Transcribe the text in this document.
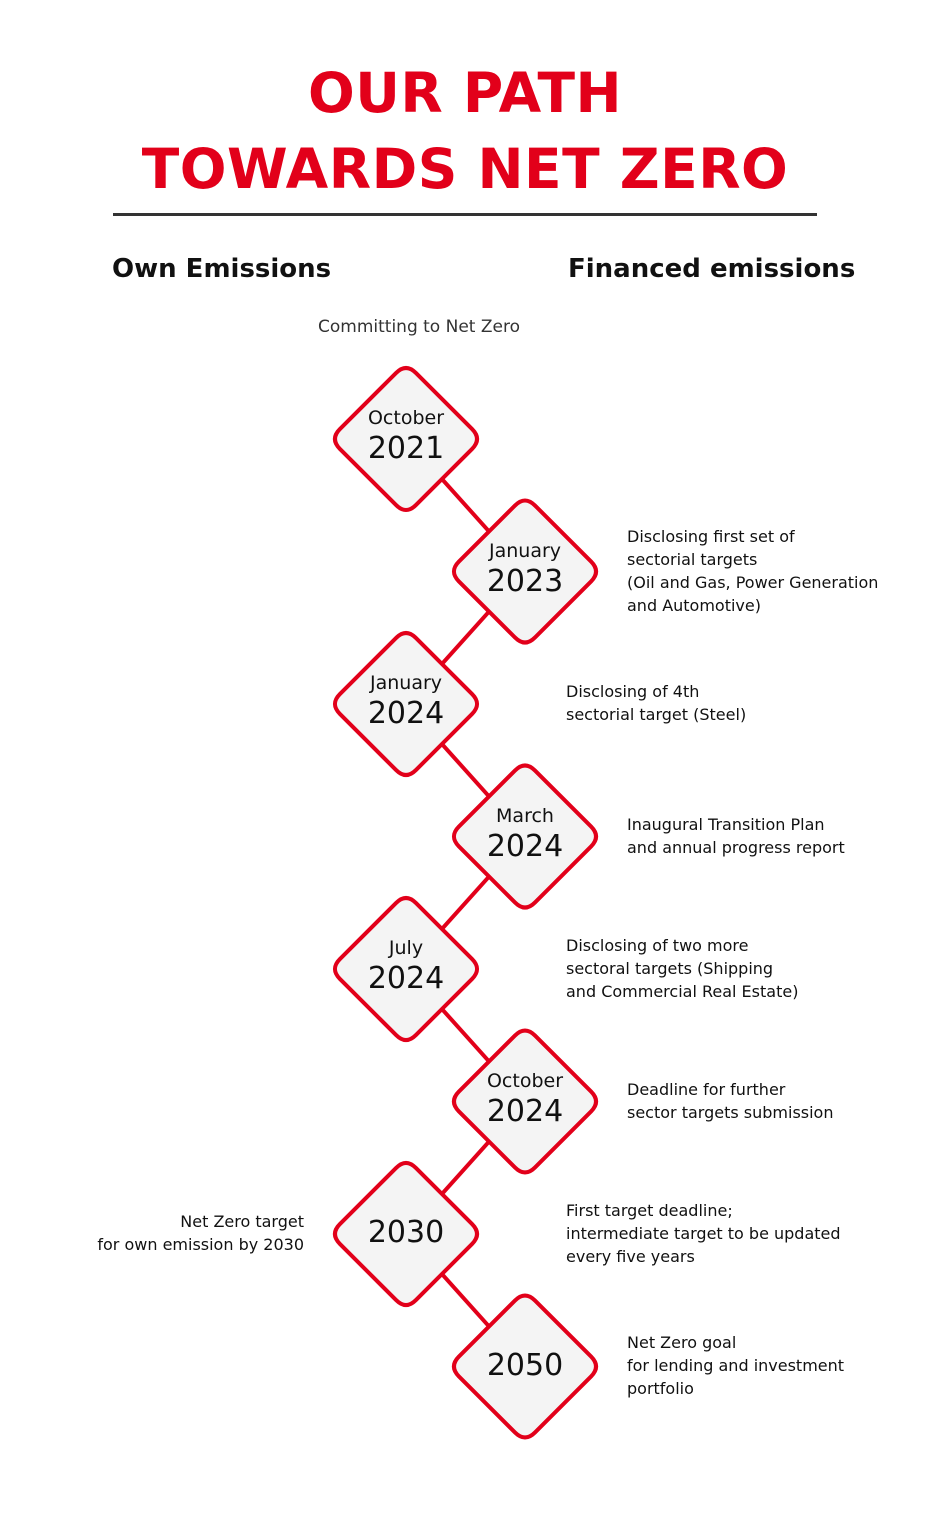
OUR PATH
TOWARDS NET ZERO
Own Emissions	Financed emissions
Committing to Net Zero
October
2021
January
2023
Disclosing first set of
sectorial targets
(Oil and Gas, Power Generation
and Automotive)
January
2024
Disclosing of 4th
sectorial target (Steel)
March
2024
Inaugural Transition Plan
and annual progress report
July
2024
Disclosing of two more
sectoral targets (Shipping
and Commercial Real Estate)
October
2024
Deadline for further
sector targets submission
2030
First target deadline;
intermediate target to be updated
every five years
Net Zero target
for own emission by 2030
2050
Net Zero goal
for lending and investment
portfolio
